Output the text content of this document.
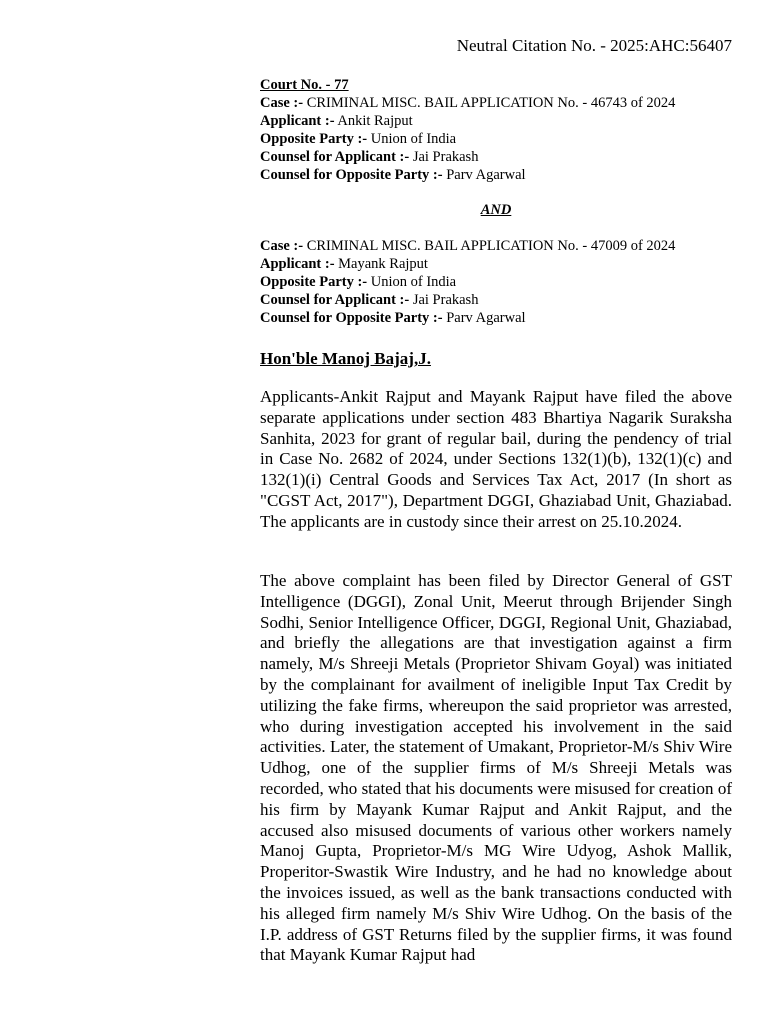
Neutral Citation No. - 2025:AHC:56407
Court No. - 77
Case :- CRIMINAL MISC. BAIL APPLICATION No. - 46743 of 2024
Applicant :- Ankit Rajput
Opposite Party :- Union of India
Counsel for Applicant :- Jai Prakash
Counsel for Opposite Party :- Parv Agarwal
AND
Case :- CRIMINAL MISC. BAIL APPLICATION No. - 47009 of 2024
Applicant :- Mayank Rajput
Opposite Party :- Union of India
Counsel for Applicant :- Jai Prakash
Counsel for Opposite Party :- Parv Agarwal
Hon'ble Manoj Bajaj,J.

Applicants-Ankit Rajput and Mayank Rajput have filed the above separate applications under section 483 Bhartiya Nagarik Suraksha Sanhita, 2023 for grant of regular bail, during the pendency of trial in Case No. 2682 of 2024, under Sections 132(1)(b), 132(1)(c) and 132(1)(i) Central Goods and Services Tax Act, 2017 (In short as "CGST Act, 2017"), Department DGGI, Ghaziabad Unit, Ghaziabad. The applicants are in custody since their arrest on 25.10.2024.

The above complaint has been filed by Director General of GST Intelligence (DGGI), Zonal Unit, Meerut through Brijender Singh Sodhi, Senior Intelligence Officer, DGGI, Regional Unit, Ghaziabad, and briefly the allegations are that investigation against a firm namely, M/s Shreeji Metals (Proprietor Shivam Goyal) was initiated by the complainant for availment of ineligible Input Tax Credit by utilizing the fake firms, whereupon the said proprietor was arrested, who during investigation accepted his involvement in the said activities. Later, the statement of Umakant, Proprietor-M/s Shiv Wire Udhog, one of the supplier firms of M/s Shreeji Metals was recorded, who stated that his documents were misused for creation of his firm by Mayank Kumar Rajput and Ankit Rajput, and the accused also misused documents of various other workers namely Manoj Gupta, Proprietor-M/s MG Wire Udyog, Ashok Mallik, Properitor-Swastik Wire Industry, and he had no knowledge about the invoices issued, as well as the bank transactions conducted with his alleged firm namely M/s Shiv Wire Udhog. On the basis of the I.P. address of GST Returns filed by the supplier firms, it was found that Mayank Kumar Rajput had
